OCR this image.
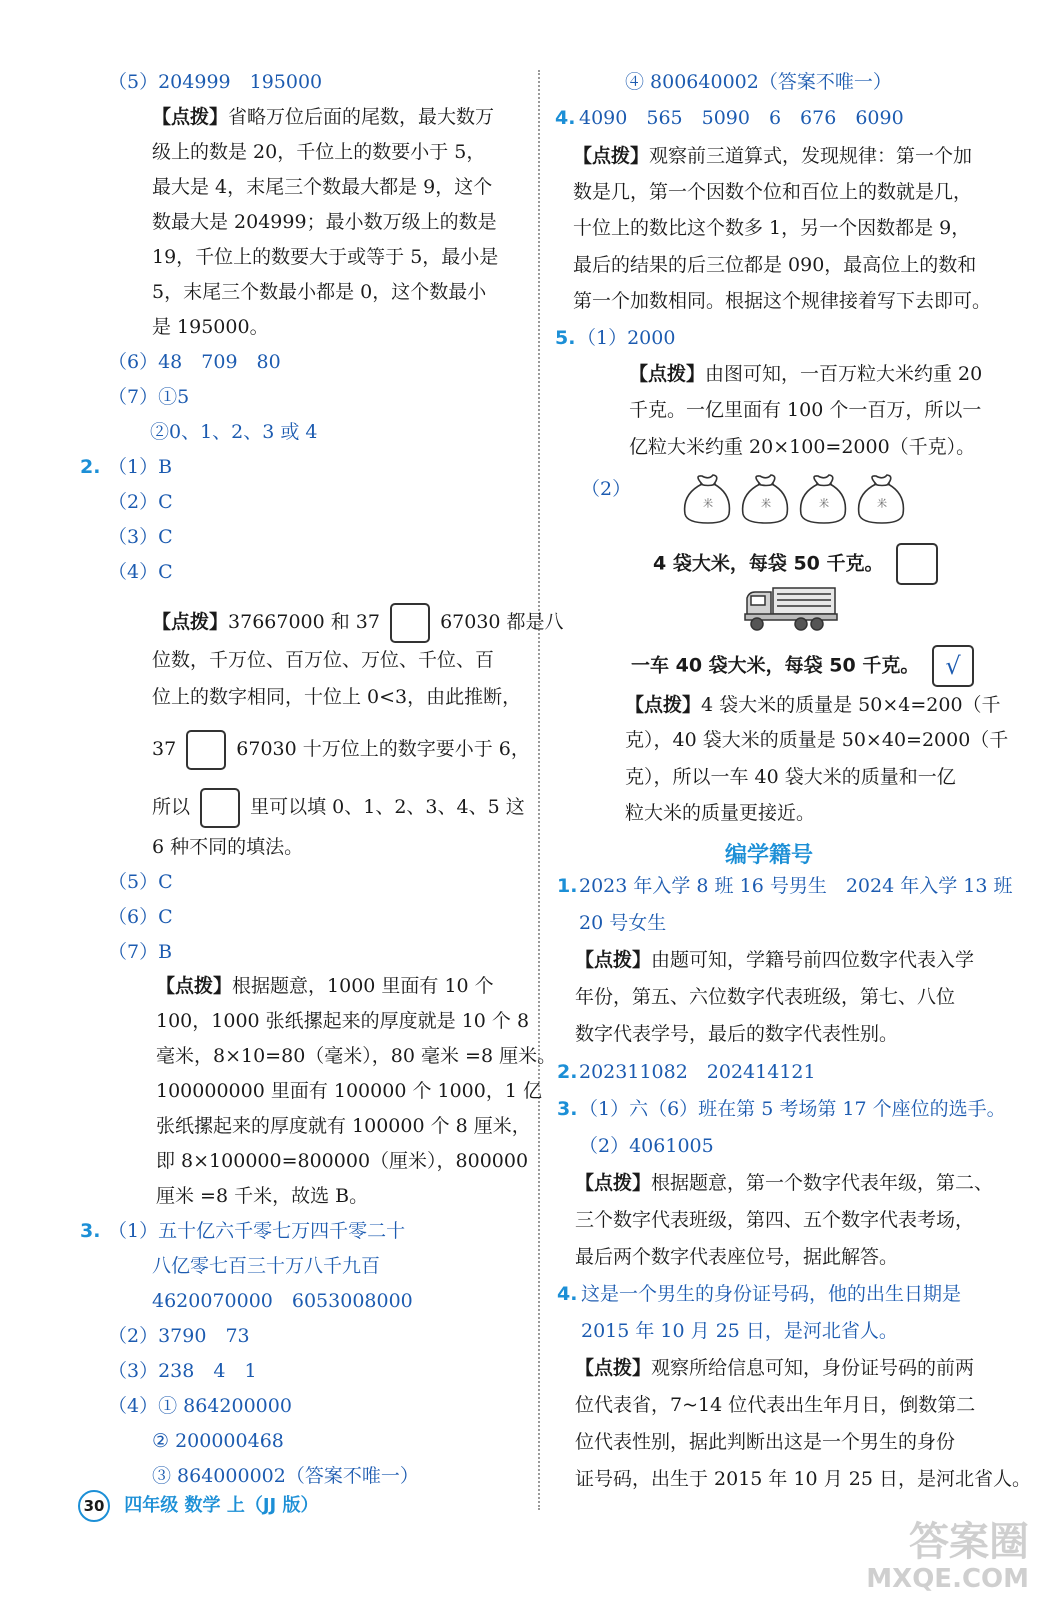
（5）204999　195000
【点拨】省略万位后面的尾数，最大数万
级上的数是 20，千位上的数要小于 5，
最大是 4，末尾三个数最大都是 9，这个
数最大是 204999；最小数万级上的数是
19，千位上的数要大于或等于 5，最小是
5，末尾三个数最小都是 0，这个数最小
是 195000。
（6）48　709　80
（7）①5
②0、1、2、3 或 4
2. （1）B
（2）C
（3）C
（4）C
【点拨】37667000 和 37	67030 都是八
位数，千万位、百万位、万位、千位、百
位上的数字相同，十位上 0<3，由此推断，
37	67030 十万位上的数字要小于 6，
所以	里可以填 0、1、2、3、4、5 这
6 种不同的填法。
（5）C
（6）C
（7）B
【点拨】根据题意，1000 里面有 10 个
100，1000 张纸摞起来的厚度就是 10 个 8
毫米，8×10=80（毫米），80 毫米 =8 厘米。
100000000 里面有 100000 个 1000，1 亿
张纸摞起来的厚度就有 100000 个 8 厘米，
即 8×100000=800000（厘米），800000
厘米 =8 千米，故选 B。
3. （1）五十亿六千零七万四千零二十
八亿零七百三十万八千九百
4620070000　6053008000
（2）3790　73
（3）238　4　1
（4）① 864200000
② 200000468
③ 864000002（答案不唯一）
④ 800640002（答案不唯一）
4. 4090　565　5090　6　676　6090
【点拨】观察前三道算式，发现规律：第一个加
数是几，第一个因数个位和百位上的数就是几，
十位上的数比这个数多 1，另一个因数都是 9，
最后的结果的后三位都是 090，最高位上的数和
第一个加数相同。根据这个规律接着写下去即可。
5. （1）2000
【点拨】由图可知，一百万粒大米约重 20
千克。一亿里面有 100 个一百万，所以一
亿粒大米约重 20×100=2000（千克）。
（2）
米	米	米	米
4 袋大米，每袋 50 千克。
一车 40 袋大米，每袋 50 千克。 √
【点拨】4 袋大米的质量是 50×4=200（千
克），40 袋大米的质量是 50×40=2000（千
克），所以一车 40 袋大米的质量和一亿
粒大米的质量更接近。
编学籍号
1. 2023 年入学 8 班 16 号男生　2024 年入学 13 班
20 号女生
【点拨】由题可知，学籍号前四位数字代表入学
年份，第五、六位数字代表班级，第七、八位
数字代表学号，最后的数字代表性别。
2. 202311082　202414121
3. （1）六（6）班在第 5 考场第 17 个座位的选手。
（2）4061005
【点拨】根据题意，第一个数字代表年级，第二、
三个数字代表班级，第四、五个数字代表考场，
最后两个数字代表座位号，据此解答。
4. 这是一个男生的身份证号码，他的出生日期是
2015 年 10 月 25 日，是河北省人。
【点拨】观察所给信息可知，身份证号码的前两
位代表省，7~14 位代表出生年月日，倒数第二
位代表性别，据此判断出这是一个男生的身份
证号码，出生于 2015 年 10 月 25 日，是河北省人。
30 四年级 数学 上（JJ 版）
答案圈
MXQE.COM
